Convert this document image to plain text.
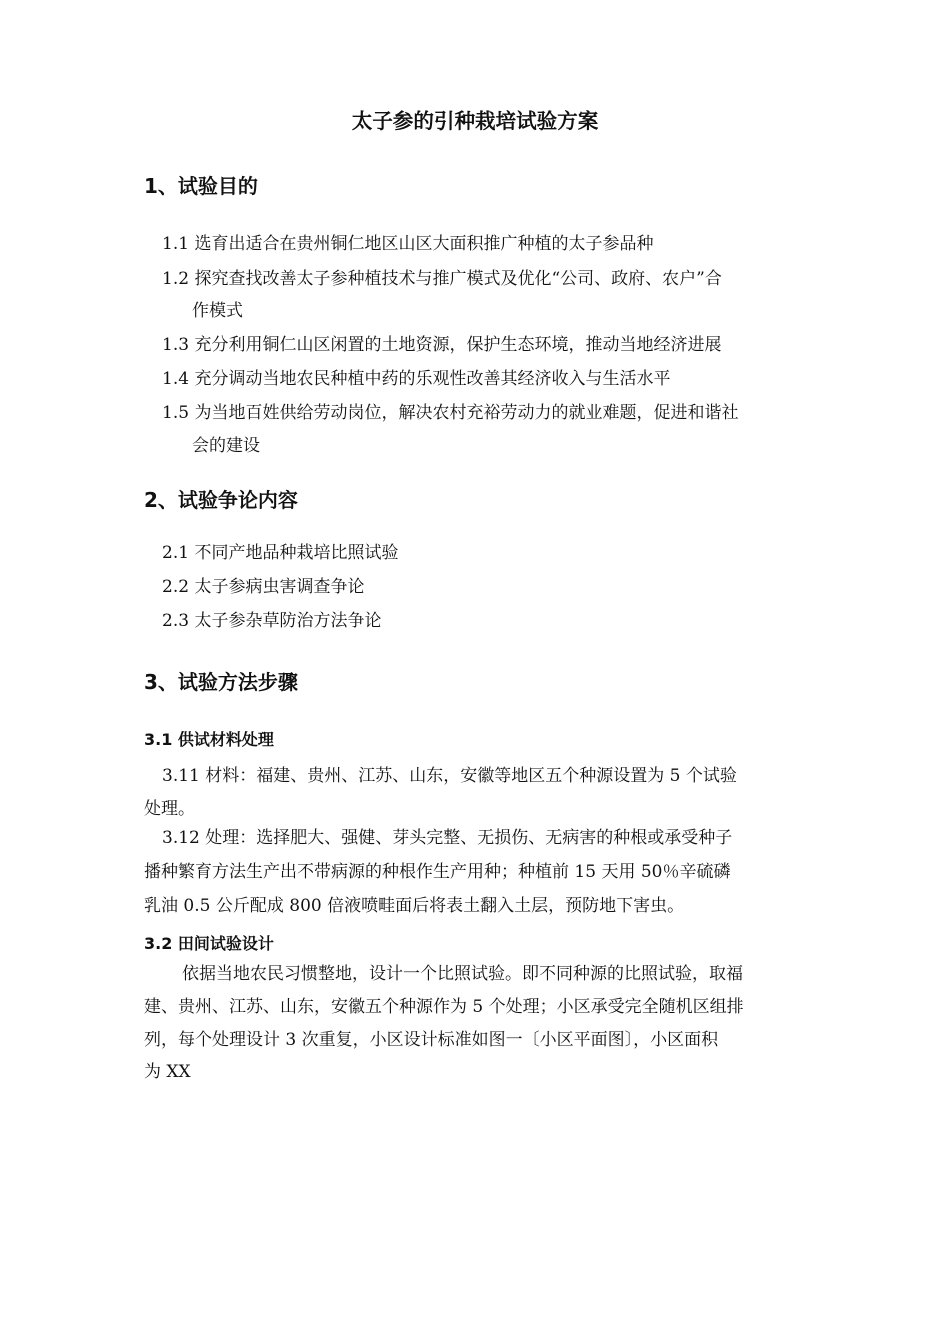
太子参的引种栽培试验方案
1、试验目的
1.1 选育出适合在贵州铜仁地区山区大面积推广种植的太子参品种
1.2 探究查找改善太子参种植技术与推广模式及优化“公司、政府、农户”合
作模式
1.3 充分利用铜仁山区闲置的土地资源，保护生态环境，推动当地经济进展
1.4 充分调动当地农民种植中药的乐观性改善其经济收入与生活水平
1.5 为当地百姓供给劳动岗位，解决农村充裕劳动力的就业难题，促进和谐社
会的建设
2、试验争论内容
2.1 不同产地品种栽培比照试验
2.2 太子参病虫害调查争论
2.3 太子参杂草防治方法争论
3、试验方法步骤
3.1 供试材料处理
3.11 材料：福建、贵州、江苏、山东，安徽等地区五个种源设置为 5 个试验
处理。
3.12 处理：选择肥大、强健、芽头完整、无损伤、无病害的种根或承受种子
播种繁育方法生产出不带病源的种根作生产用种；种植前 15 天用 50％辛硫磷
乳油 0.5 公斤配成 800 倍液喷畦面后将表土翻入土层，预防地下害虫。
3.2 田间试验设计
依据当地农民习惯整地，设计一个比照试验。即不同种源的比照试验，取福
建、贵州、江苏、山东，安徽五个种源作为 5 个处理；小区承受完全随机区组排
列，每个处理设计 3 次重复，小区设计标准如图一〔小区平面图〕，小区面积
为 XX
